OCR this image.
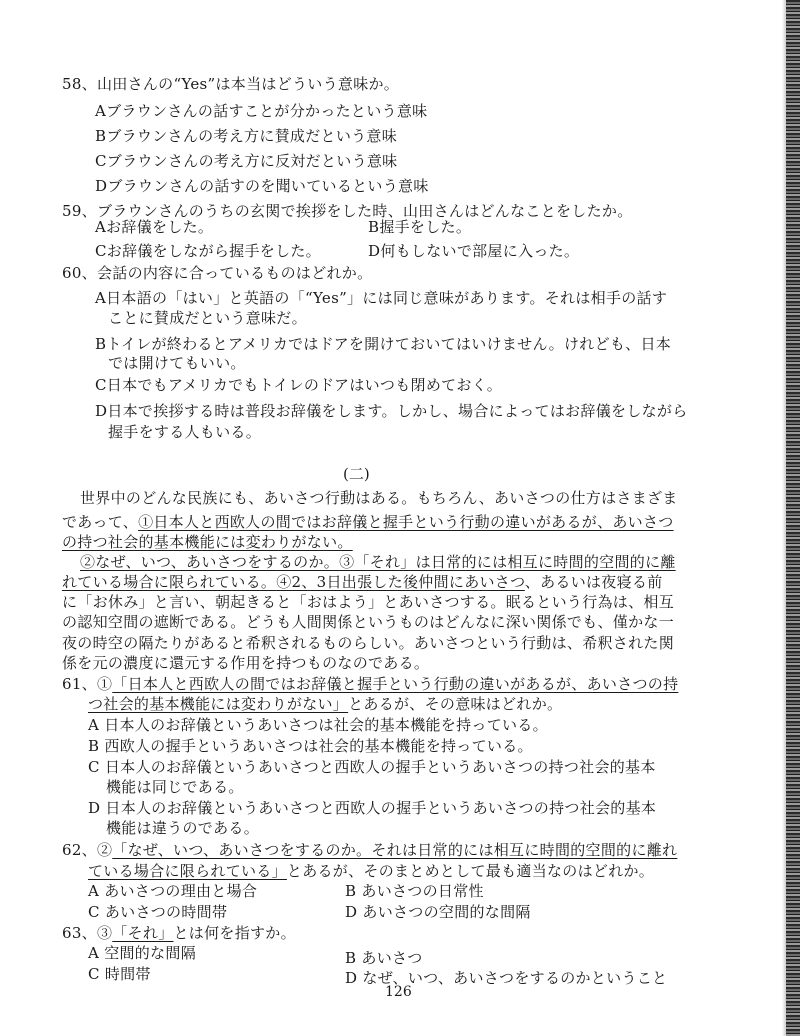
58、山田さんの“Yes”は本当はどういう意味か。
Aブラウンさんの話すことが分かったという意味
Bブラウンさんの考え方に賛成だという意味
Cブラウンさんの考え方に反対だという意味
Dブラウンさんの話すのを聞いているという意味
59、ブラウンさんのうちの玄関で挨拶をした時、山田さんはどんなことをしたか。
Aお辞儀をした。	B握手をした。
Cお辞儀をしながら握手をした。	D何もしないで部屋に入った。
60、会話の内容に合っているものはどれか。
A日本語の「はい」と英語の「“Yes”」には同じ意味があります。それは相手の話す
ことに賛成だという意味だ。
Bトイレが終わるとアメリカではドアを開けておいてはいけません。けれども、日本
では開けてもいい。
C日本でもアメリカでもトイレのドアはいつも閉めておく。
D日本で挨拶する時は普段お辞儀をします。しかし、場合によってはお辞儀をしながら
握手をする人もいる。
(二)
世界中のどんな民族にも、あいさつ行動はある。もちろん、あいさつの仕方はさまざま
であって、①日本人と西欧人の間ではお辞儀と握手という行動の違いがあるが、あいさつ
の持つ社会的基本機能には変わりがない。
②なぜ、いつ、あいさつをするのか。③「それ」は日常的には相互に時間的空間的に離
れている場合に限られている。④2、3日出張した後仲間にあいさつ、あるいは夜寝る前
に「お休み」と言い、朝起きると「おはよう」とあいさつする。眠るという行為は、相互
の認知空間の遮断である。どうも人間関係というものはどんなに深い関係でも、僅かな一
夜の時空の隔たりがあると希釈されるものらしい。あいさつという行動は、希釈された関
係を元の濃度に還元する作用を持つものなのである。
61、①「日本人と西欧人の間ではお辞儀と握手という行動の違いがあるが、あいさつの持
つ社会的基本機能には変わりがない」とあるが、その意味はどれか。
A 日本人のお辞儀というあいさつは社会的基本機能を持っている。
B 西欧人の握手というあいさつは社会的基本機能を持っている。
C 日本人のお辞儀というあいさつと西欧人の握手というあいさつの持つ社会的基本
機能は同じである。
D 日本人のお辞儀というあいさつと西欧人の握手というあいさつの持つ社会的基本
機能は違うのである。
62、②「なぜ、いつ、あいさつをするのか。それは日常的には相互に時間的空間的に離れ
ている場合に限られている」とあるが、そのまとめとして最も適当なのはどれか。
A あいさつの理由と場合	B あいさつの日常性
C あいさつの時間帯	D あいさつの空間的な間隔
63、③「それ」とは何を指すか。
A 空間的な間隔	B あいさつ
C 時間帯	D なぜ、いつ、あいさつをするのかということ
126
